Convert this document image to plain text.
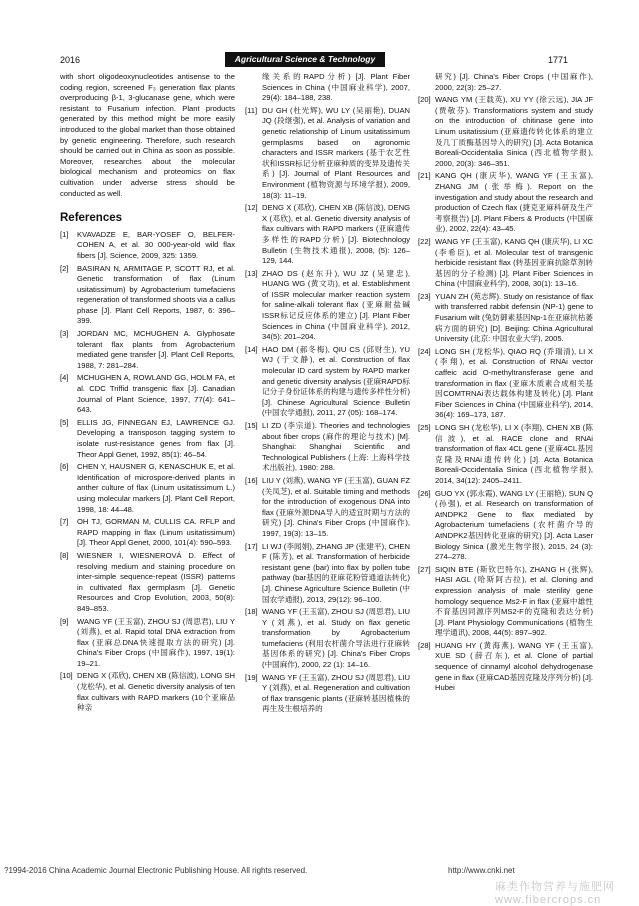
2016	Agricultural Science & Technology	1771

with short oligodeoxynucleotides antisense to the coding region, screened F₃ generation flax plants overproducing β-1, 3-glucanase gene, which were resistant to Fusarium infection. Plant products generated by this method might be more easily introduced to the global market than those obtained by genetic engineering. Therefore, such research should be carried out in China as soon as possible. Moreover, researches about the molecular biological mechanism and proteomics on flax cultivation under adverse stress should be conducted as well.

References
[1]	KVAVADZE E, BAR-YOSEF O, BELFER-COHEN A, et al. 30 000-year-old wild flax fibers [J]. Science, 2009, 325: 1359.
[2]	BASIRAN N, ARMITAGE P, SCOTT RJ, et al. Genetic transformation of flax (Linum usitatissimum) by Agrobacterium tumefaciens regeneration of transformed shoots via a callus phase [J]. Plant Cell Reports, 1987, 6: 396–399.
[3]	JORDAN MC, MCHUGHEN A. Glyphosate tolerant flax plants from Agrobacterium mediated gene transfer [J]. Plant Cell Reports, 1988, 7: 281–284.
[4]	MCHUGHEN A, ROWLAND GG, HOLM FA, et al. CDC Triffid transgenic flax [J]. Canadian Journal of Plant Science, 1997, 77(4): 641–643.
[5]	ELLIS JG, FINNEGAN EJ, LAWRENCE GJ. Developing a transposon tagging system to isolate rust-resistance genes from flax [J]. Theor Appl Genet, 1992, 85(1): 46–54.
[6]	CHEN Y, HAUSNER G, KENASCHUK E, et al. Identification of microspore-derived plants in anther culture of flax (Linum usitatissimum L.) using molecular markers [J]. Plant Cell Report, 1998, 18: 44–48.
[7]	OH TJ, GORMAN M, CULLIS CA. RFLP and RAPD mapping in flax (Linum usitatissimum) [J]. Theor Appl Genet, 2000, 101(4): 590–593.
[8]	WIESNER I, WIESNEROVÁ D. Effect of resolving medium and staining procedure on inter-simple sequence-repeat (ISSR) patterns in cultivated flax germplasm [J]. Genetic Resources and Crop Evolution, 2003, 50(8): 849–853.
[9]	WANG YF (王玉富), ZHOU SJ (周思君), LIU Y (刘燕), et al. Rapid total DNA extraction from flax (亚麻总DNA快速提取方法的研究) [J]. China's Fiber Crops (中国麻作), 1997, 19(1): 19–21.
[10] DENG X (邓欣), CHEN XB (陈信波), LONG SH (龙松华), et al. Genetic diversity analysis of ten flax cultivars with RAPD markers (10个亚麻品种亲
缘关系的RAPD分析) [J]. Plant Fiber Sciences in China (中国麻业科学), 2007, 29(4): 184–188, 238.
[11] DU GH (杜光辉), WU LY (吴丽艳), DUAN JQ (段继强), et al. Analysis of variation and genetic relationship of Linum usitatissimum germplasms based on agronomic characters and ISSR markers (基于农艺性状和ISSR标记分析亚麻种质的变异及遗传关系) [J]. Journal of Plant Resources and Environment (植物资源与环境学报), 2009, 18(3): 11–19.
[12] DENG X (邓欣), CHEN XB (陈信波), DENG X (邓欣), et al. Genetic diversity analysis of flax cultivars with RAPD markers (亚麻遗传多样性的RAPD分析) [J]. Biotechnology Bulletin (生物技术通报), 2008, (5): 126–129, 144.
[13] ZHAO DS (赵东升), WU JZ (吴建忠), HUANG WG (黄文功), et al. Establishment of ISSR molecular marker reaction system for saline-alkali tolerant flax (亚麻耐盐碱ISSR标记反应体系的建立) [J]. Plant Fiber Sciences in China (中国麻业科学), 2012, 34(5): 201–204.
[14] HAO DM (郝冬梅), QIU CS (邱财生), YU WJ (于文静), et al. Construction of flax molecular ID card system by RAPD marker and genetic diversity analysis (亚麻RAPD标记分子身份证体系的构建与遗传多样性分析) [J]. Chinese Agricultural Science Bulletin (中国农学通报), 2011, 27 (05): 168–174.
[15] LI ZD (李宗道). Theories and technologies about fiber crops (麻作的理论与技术) [M]. Shanghai: Shanghai Scientific and Technological Publishers (上海: 上海科学技术出版社), 1980: 288.
[16] LIU Y (刘燕), WANG YF (王玉富), GUAN FZ (关凤芝), et al. Suitable timing and methods for the introduction of exogenous DNA into flax (亚麻外源DNA导入的适宜时期与方法的研究) [J]. China's Fiber Crops (中国麻作), 1997, 19(3): 13–15.
[17] LI WJ (李闻娟), ZHANG JP (张建平), CHEN F (陈芳), et al. Transformation of herbicide resistant gene (bar) into flax by pollen tube pathway (bar基因的亚麻花粉管通道法转化) [J]. Chinese Agriculture Science Bulletin (中国农学通报), 2013, 29(12): 96–100.
[18] WANG YF (王玉富), ZHOU SJ (周思君), LIU Y (刘燕), et al. Study on flax genetic transformation by Agrobacterium tumefaciens (利用农杆菌介导法进行亚麻转基因体系的研究) [J]. China's Fiber Crops (中国麻作), 2000, 22 (1): 14–16.
[19] WANG YF (王玉富), ZHOU SJ (周思君), LIU Y (刘燕), et al. Regeneration and cultivation of flax transgenic plants (亚麻转基因植株的再生及生根培养的
研究) [J]. China's Fiber Crops (中国麻作), 2000, 22(3): 25–27.
[20] WANG YM (王载英), XU YY (徐云远), JIA JF (贾敬芬). Transformations system and study on the introduction of chitinase gene into Linum usitatissium (亚麻遗传转化体系的建立及几丁质酶基因导入的研究) [J]. Acta Botanica Boreali-Occidentalia Sinica (西北植物学报), 2000, 20(3): 346–351.
[21] KANG QH (康庆华), WANG YF (王玉富), ZHANG JM (张举梅). Report on the investigation and study about the research and production of Czech flax (捷克亚麻科研及生产考察报告) [J]. Plant Fibers & Products (中国麻业), 2002, 22(4): 43–45.
[22] WANG YF (王玉富), KANG QH (康庆华), LI XC (李希臣), et al. Molecular test of transgenic herbicide resistant flax (转基因亚麻抗除草剂转基因的分子检测) [J]. Plant Fiber Sciences in China (中国麻业科学), 2008, 30(1): 13–16.
[23] YUAN ZH (苑志辉). Study on resistance of flax with transferred rabbit defensin (NP-1) gene to Fusarium wilt (兔防御素基因Np-1在亚麻抗枯萎病方面的研究) [D]. Beijing: China Agricultural University (北京: 中国农业大学), 2005.
[24] LONG SH (龙松华), QIAO RQ (乔瑞清), LI X (李翔), et al. Construction of RNAi vector caffeic acid O-methyltransferase gene and transformation in flax (亚麻木质素合成相关基因COMTRNAi表达载体构建及转化) [J]. Plant Fiber Sciences in China (中国麻业科学), 2014, 36(4): 169–173, 187.
[25] LONG SH (龙松华), LI X (李翔), CHEN XB (陈信波), et al. RACE clone and RNAi transformation of flax 4CL gene (亚麻4CL基因克隆及RNAi遗传转化) [J]. Acta Botanica Boreali-Occidentalia Sinica (西北植物学报), 2014, 34(12): 2405–2411.
[26] GUO YX (郭永霞), WANG LY (王丽艳), SUN Q (孙强), et al. Research on transformation of AtNDPK2 Gene to flax mediated by Agrobacterium tumefaciens (农杆菌介导的AtNDPK2基因转化亚麻的研究) [J]. Acta Laser Biology Sinica (激光生物学报), 2015, 24 (3): 274–278.
[27] SIQIN BTE (斯钦巴特尔), ZHANG H (张辉), HASI AGL (哈斯阿古拉), et al. Cloning and expression analysis of male sterility gene homology sequence Ms2-F in flax (亚麻中雄性不育基因同源序列MS2-F的克隆和表达分析) [J]. Plant Physiology Communications (植物生理学通讯), 2008, 44(5): 897–902.
[28] HUANG HY (黄海燕), WANG YF (王玉富), XUE SD (薛召东), et al. Clone of partial sequence of cinnamyl alcohol dehydrogenase gene in flax (亚麻CAD基因克隆及序列分析) [J]. Hubei
?1994-2016 China Academic Journal Electronic Publishing House. All rights reserved.	http://www.cnki.net
麻类作物营养与施肥网 www.fibercrops.cn
